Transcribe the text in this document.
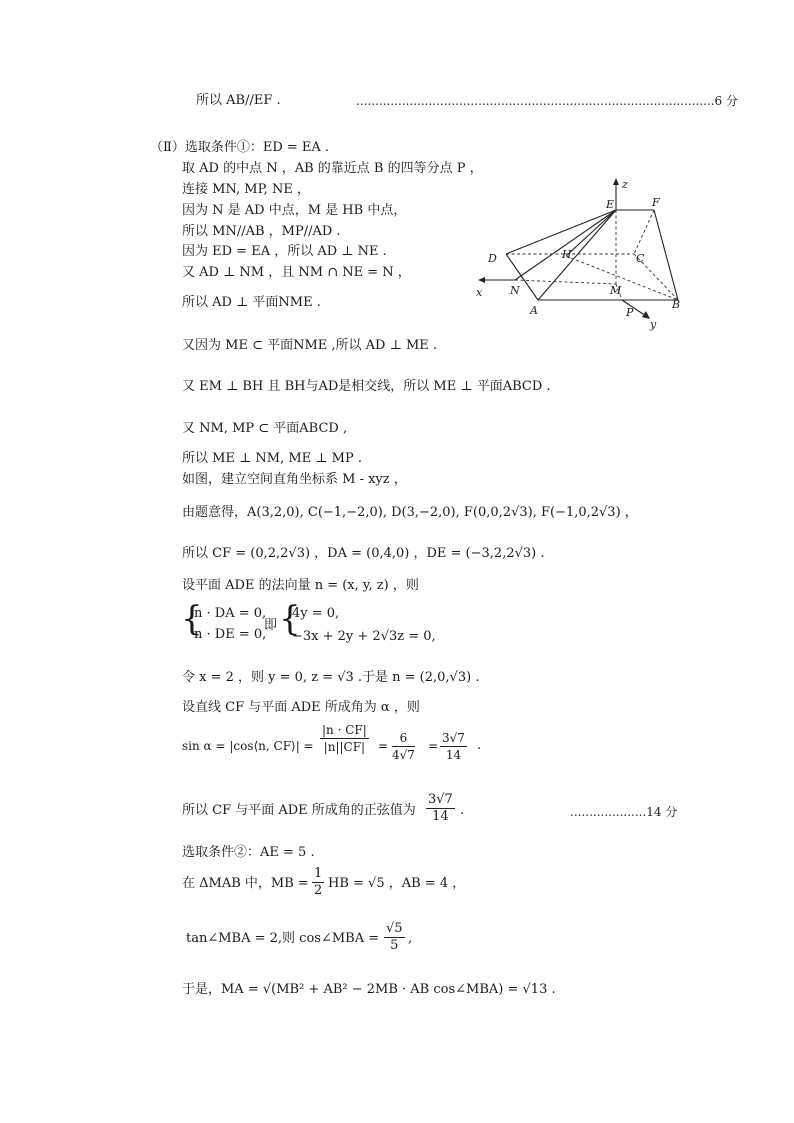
所以 AB//EF .	..............................................................................................6 分
（Ⅱ）选取条件①：ED = EA .
取 AD 的中点 N ，AB 的靠近点 B 的四等分点 P ，
连接 MN, MP, NE ，
因为 N 是 AD 中点，M 是 HB 中点，
所以 MN//AB ，MP//AD .
因为 ED = EA ，所以 AD ⊥ NE .
又 AD ⊥ NM ，且 NM ∩ NE = N ，
所以 AD ⊥ 平面NME .
又因为 ME ⊂ 平面NME ,所以 AD ⊥ ME .
又 EM ⊥ BH 且 BH与AD是相交线，所以 ME ⊥ 平面ABCD .
又 NM, MP ⊂ 平面ABCD ,
所以 ME ⊥ NM, ME ⊥ MP .
如图，建立空间直角坐标系 M - xyz ，
由题意得，A(3,2,0), C(−1,−2,0), D(3,−2,0), F(0,0,2√3), F(−1,0,2√3) ，
所以 CF = (0,2,2√3) ，DA = (0,4,0) ，DE = (−3,2,2√3) .
设平面 ADE 的法向量 n = (x, y, z) ，则
{
n · DA = 0,
n · DE = 0,
即 {
4y = 0,
−3x + 2y + 2√3z = 0,
令 x = 2 ，则 y = 0, z = √3 .于是 n = (2,0,√3) .
设直线 CF 与平面 ADE 所成角为 α ，则
sin α = |cos⟨n, CF⟩| = $\frac{|n \cdot CF|}{|n||CF|} = \frac{6}{4√7} = \frac{3√7}{14}$ .
所以 CF 与平面 ADE 所成角的正弦值为 $\frac{3√7}{14}$ .	....................14 分
选取条件②：AE = 5 .
在 ΔMAB 中，MB = $\frac{1}{2}$ HB = √5 ，AB = 4 ，
tan∠MBA = 2,则 cos∠MBA = $\frac{√5}{5}$ ,
于是，MA = √(MB² + AB² − 2MB · AB cos∠MBA) = √13 .
z
E	F
D	H	C
x	N	M
B
A	P
y
